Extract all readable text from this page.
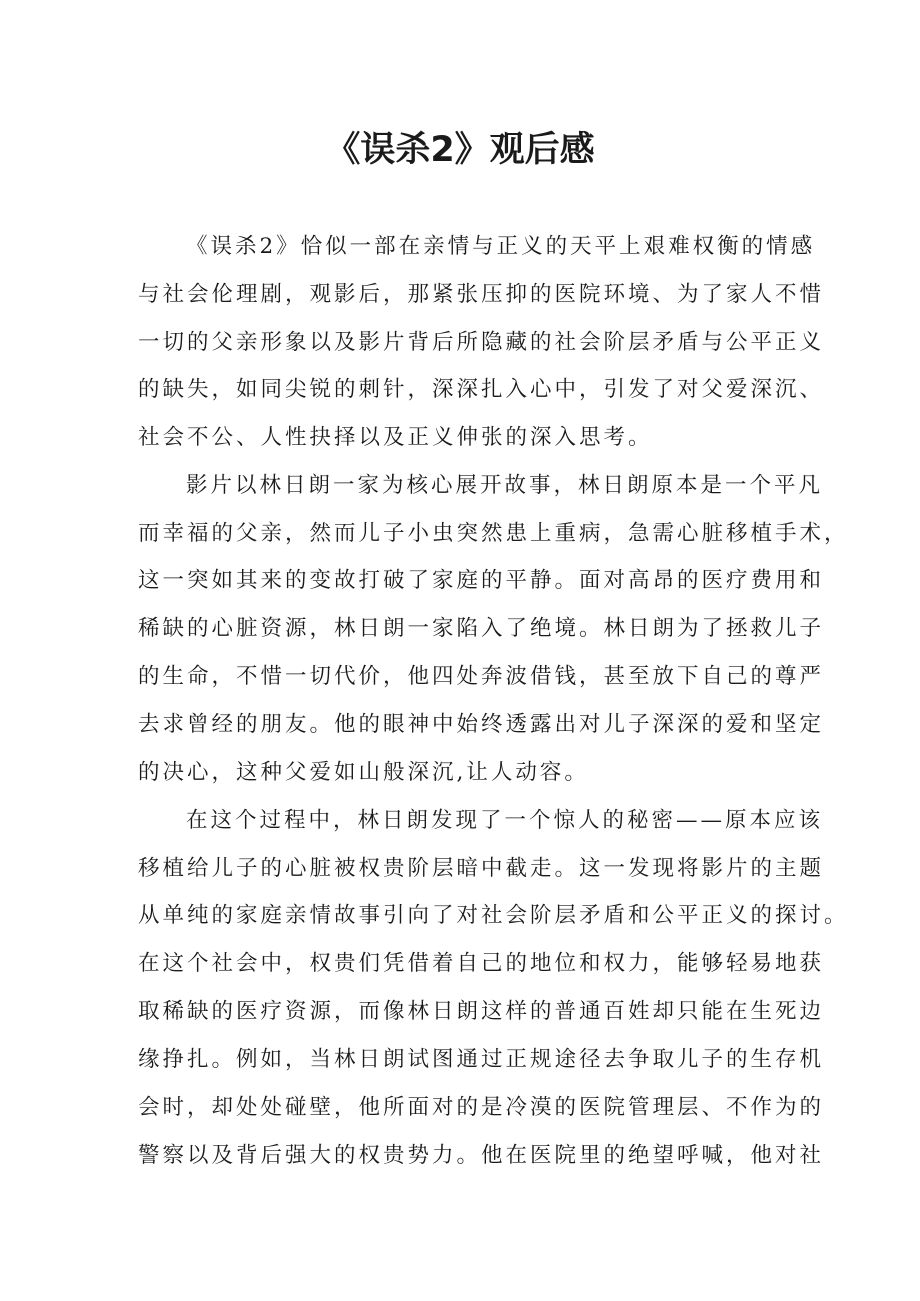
《误杀2》观后感
《误杀2》恰似一部在亲情与正义的天平上艰难权衡的情感
与社会伦理剧，观影后，那紧张压抑的医院环境、为了家人不惜
一切的父亲形象以及影片背后所隐藏的社会阶层矛盾与公平正义
的缺失，如同尖锐的刺针，深深扎入心中，引发了对父爱深沉、
社会不公、人性抉择以及正义伸张的深入思考。
影片以林日朗一家为核心展开故事，林日朗原本是一个平凡
而幸福的父亲，然而儿子小虫突然患上重病，急需心脏移植手术，
这一突如其来的变故打破了家庭的平静。面对高昂的医疗费用和
稀缺的心脏资源，林日朗一家陷入了绝境。林日朗为了拯救儿子
的生命，不惜一切代价，他四处奔波借钱，甚至放下自己的尊严
去求曾经的朋友。他的眼神中始终透露出对儿子深深的爱和坚定
的决心，这种父爱如山般深沉,让人动容。
在这个过程中，林日朗发现了一个惊人的秘密——原本应该
移植给儿子的心脏被权贵阶层暗中截走。这一发现将影片的主题
从单纯的家庭亲情故事引向了对社会阶层矛盾和公平正义的探讨。
在这个社会中，权贵们凭借着自己的地位和权力，能够轻易地获
取稀缺的医疗资源，而像林日朗这样的普通百姓却只能在生死边
缘挣扎。例如，当林日朗试图通过正规途径去争取儿子的生存机
会时，却处处碰壁，他所面对的是冷漠的医院管理层、不作为的
警察以及背后强大的权贵势力。他在医院里的绝望呼喊，他对社
